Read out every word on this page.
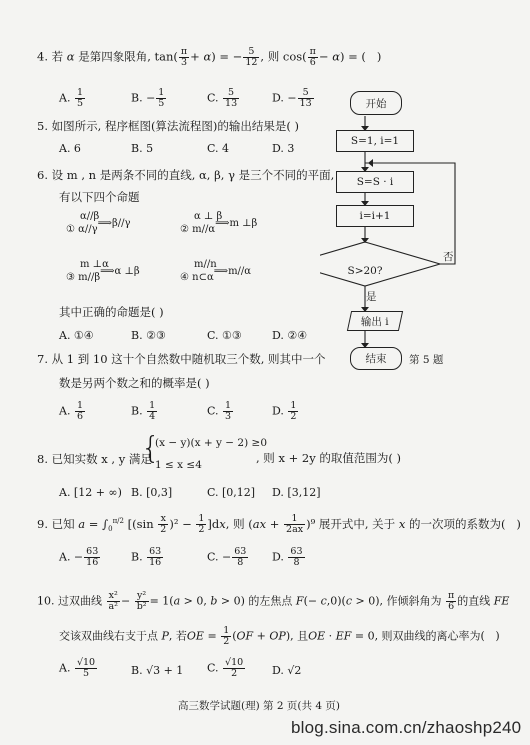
4. 若 α 是第四象限角, $\tan( \frac{\pi}{3} + \alpha)$ = − $\frac{5}{12}$ , 则 $\cos( \frac{\pi}{6} - \alpha)$ = (   )
A. $\frac{1}{5}$	B. − $\frac{1}{5}$	C. $\frac{5}{13}$	D. − $\frac{5}{13}$
5. 如图所示, 程序框图(算法流程图)的输出结果是( )
A. 6	B. 5	C. 4	D. 3
6. 设 m , n 是两条不同的直线, α, β, γ 是三个不同的平面,
有以下四个命题
α//β
① α//γ⟹β//γ
α ⊥ β
② m//α⟹m ⊥β
m ⊥α
③ m//β⟹α ⊥β
m//n
④ n⊂α⟹m//α
其中正确的命题是( )
A. ①④	B. ②③	C. ①③	D. ②④
7. 从 1 到 10 这十个自然数中随机取三个数, 则其中一个
数是另两个数之和的概率是( )
A. $\frac{1}{6}$	B. $\frac{1}{4}$	C. $\frac{1}{3}$	D. $\frac{1}{2}$
8. 已知实数 x , y 满足
{
(x − y)(x + y − 2) ≥0
1 ≤ x ≤4	, 则 x + 2y 的取值范围为( )
A. [12 + ∞) B. [0,3]	C. [0,12] D. [3,12]
9. 已知 $a = \int_0^{\pi/2}$ $[(\sin \frac{x}{2} )^2 - \frac{1}{2} ]dx$, 则 $(ax + \frac{1}{2ax} )^9$ 展开式中, 关于 x 的一次项的系数为(   )
A. − $\frac{63}{16}$	B. $\frac{63}{16}$	C. − $\frac{63}{8} D$. $\frac{63}{8}$
10. 过双曲线 $\frac{\text{x²}}{\text{a²}} - \frac{\text{y²}}{\text{b²}} = 1(a > 0$, b > 0) 的左焦点 F(− c,0)(c > 0), 作倾斜角为 $\frac{\pi}{6}$ 的直线 FE
交该双曲线右支于点 P, 若OE = $\frac{1}{2} (OF + OP)$, 且OE · EF = 0, 则双曲线的离心率为(   )
A. $\frac{√10}{5}$	B. √3 + 1 C. $\frac{√10}{2} D$. √2
S>20?
开始
S=1, i=1
S=S · i
i=i+1
输出 i
结束
是
否
第 5 题
高三数学试题(理) 第 2 页(共 4 页)
blog.sina.com.cn/zhaoshp240
